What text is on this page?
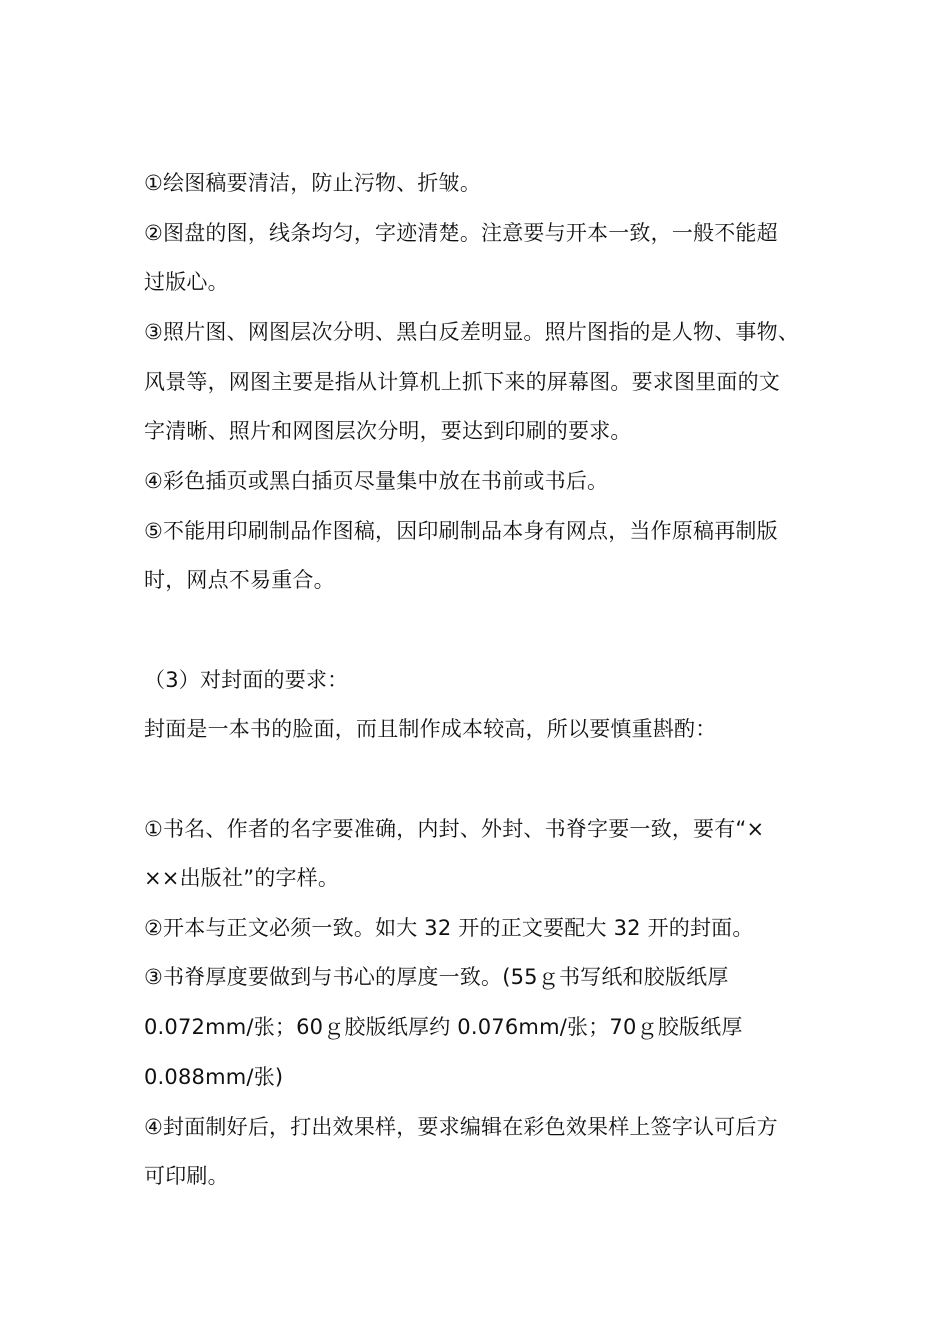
①绘图稿要清洁，防止污物、折皱。
②图盘的图，线条均匀，字迹清楚。注意要与开本一致，一般不能超
过版心。
③照片图、网图层次分明、黑白反差明显。照片图指的是人物、事物、
风景等，网图主要是指从计算机上抓下来的屏幕图。要求图里面的文
字清晰、照片和网图层次分明，要达到印刷的要求。
④彩色插页或黑白插页尽量集中放在书前或书后。
⑤不能用印刷制品作图稿，因印刷制品本身有网点，当作原稿再制版
时，网点不易重合。
（3）对封面的要求：
封面是一本书的脸面，而且制作成本较高，所以要慎重斟酌：
①书名、作者的名字要准确，内封、外封、书脊字要一致，要有“×
××出版社”的字样。
②开本与正文必须一致。如大 32 开的正文要配大 32 开的封面。
③书脊厚度要做到与书心的厚度一致。(55ｇ书写纸和胶版纸厚
0.072mm/张；60ｇ胶版纸厚约 0.076mm/张；70ｇ胶版纸厚
0.088mm/张)
④封面制好后，打出效果样，要求编辑在彩色效果样上签字认可后方
可印刷。
